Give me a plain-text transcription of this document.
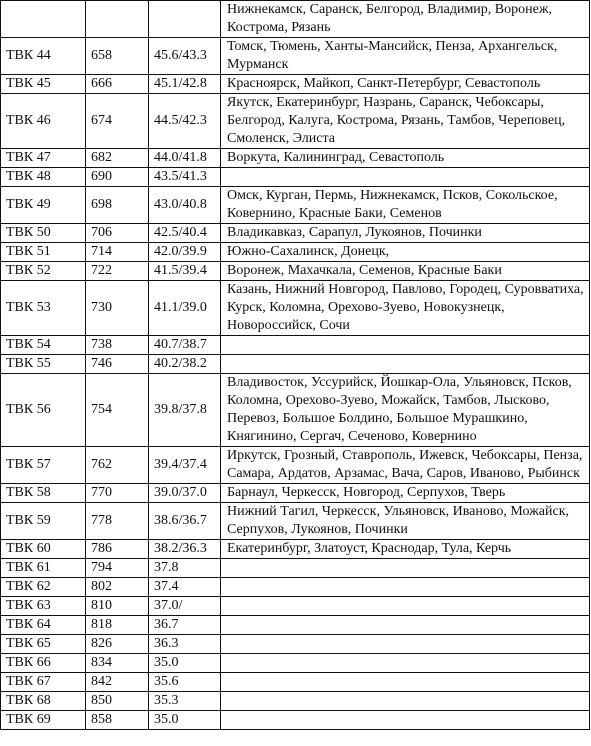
			Нижнекамск, Саранск, Белгород, Владимир, Воронеж, Кострома, Рязань
ТВК 44	658	45.6/43.3	Томск, Тюмень, Ханты-Мансийск, Пенза, Архангельск, Мурманск
ТВК 45	666	45.1/42.8	Красноярск, Майкоп, Санкт-Петербург, Севастополь
ТВК 46	674	44.5/42.3	Якутск, Екатеринбург, Назрань, Саранск, Чебоксары, Белгород, Калуга, Кострома, Рязань, Тамбов, Череповец, Смоленск, Элиста
ТВК 47	682	44.0/41.8	Воркута, Калининград, Севастополь
ТВК 48	690	43.5/41.3	
ТВК 49	698	43.0/40.8	Омск, Курган, Пермь, Нижнекамск, Псков, Сокольское, Ковернино, Красные Баки, Семенов
ТВК 50	706	42.5/40.4	Владикавказ, Сарапул, Лукоянов, Починки
ТВК 51	714	42.0/39.9	Южно-Сахалинск, Донецк,
ТВК 52	722	41.5/39.4	Воронеж, Махачкала, Семенов, Красные Баки
ТВК 53	730	41.1/39.0	Казань, Нижний Новгород, Павлово, Городец, Суровватиха, Курск, Коломна, Орехово-Зуево, Новокузнецк, Новороссийск, Сочи
ТВК 54	738	40.7/38.7	
ТВК 55	746	40.2/38.2	
ТВК 56	754	39.8/37.8	Владивосток, Уссурийск, Йошкар-Ола, Ульяновск, Псков, Коломна, Орехово-Зуево, Можайск, Тамбов, Лысково, Перевоз, Большое Болдино, Большое Мурашкино, Княгинино, Сергач, Сеченово, Ковернино
ТВК 57	762	39.4/37.4	Иркутск, Грозный, Ставрополь, Ижевск, Чебоксары, Пенза, Самара, Ардатов, Арзамас, Вача, Саров, Иваново, Рыбинск
ТВК 58	770	39.0/37.0	Барнаул, Черкесск, Новгород, Серпухов, Тверь
ТВК 59	778	38.6/36.7	Нижний Тагил, Черкесск, Ульяновск, Иваново, Можайск, Серпухов, Лукоянов, Починки
ТВК 60	786	38.2/36.3	Екатеринбург, Златоуст, Краснодар, Тула, Керчь
ТВК 61	794	37.8	
ТВК 62	802	37.4	
ТВК 63	810	37.0/	
ТВК 64	818	36.7	
ТВК 65	826	36.3	
ТВК 66	834	35.0	
ТВК 67	842	35.6	
ТВК 68	850	35.3	
ТВК 69	858	35.0	
